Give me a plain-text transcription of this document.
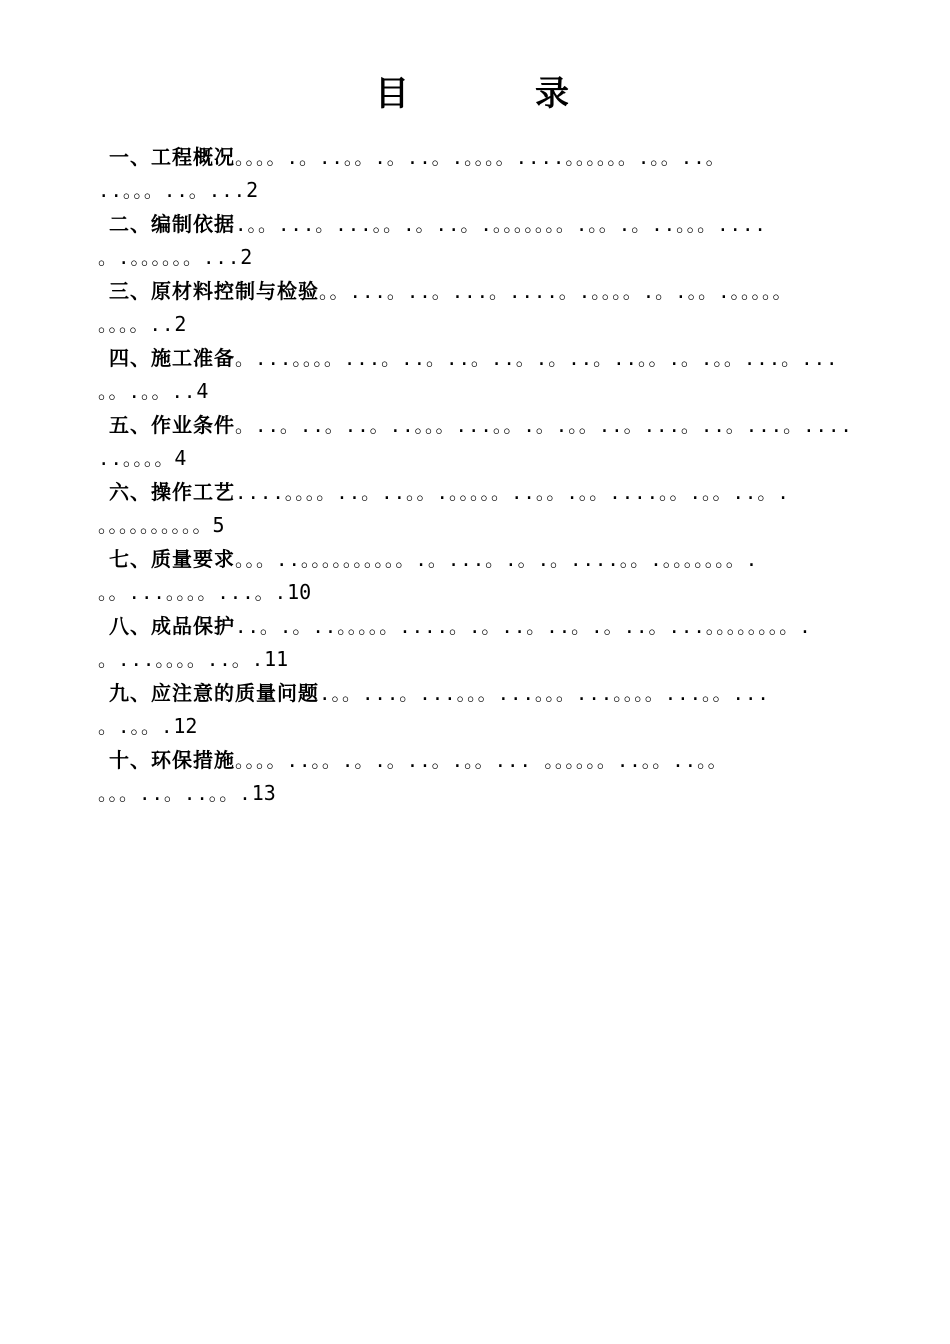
目　录
一、工程概况。。。。.。..。。.。..。.。。。。....。。。。。。.。。..。
..。。。..。...2
二、编制依据.。。...。...。。.。..。.。。。。。。。.。。.。..。。。....
。.。。。。。。...2
三、原材料控制与检验。。...。..。...。....。.。。。。.。.。。.。。。。。
。。。。..2
四、施工准备。...。。。。...。..。..。..。.。..。..。。.。.。。...。...
。。.。。..4
五、作业条件。..。..。..。..。。。...。。.。.。。..。...。..。...。....
..。。。。4
六、操作工艺....。。。。..。..。。.。。。。。..。。.。。....。。.。。..。.
。。。。。。。。。。5
七、质量要求。。。..。。。。。。。。。。.。...。.。.。....。。.。。。。。。。.
。。...。。。。...。.10
八、成品保护..。.。..。。。。。....。.。..。..。.。..。...。。。。。。。。.
。...。。。。..。.11
九、应注意的质量问题.。。...。...。。。...。。。...。。。。...。。...
。.。。.12
十、环保措施。。。。..。。.。.。..。.。。... 。。。。。。..。。..。。
。。。..。..。。.13
